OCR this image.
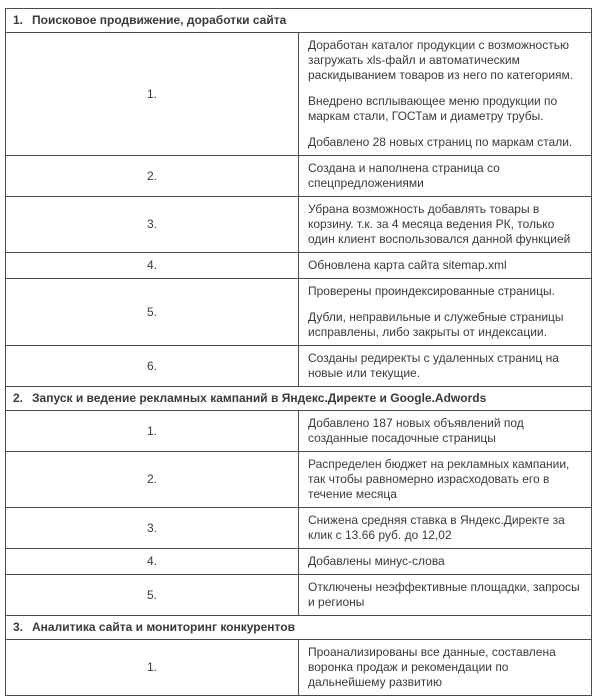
1. Поисковое продвижение, доработки сайта	
1.	Доработан каталог продукции с возможностью загружать xls-файл и автоматическим раскидыванием товаров из него по категориям.

Внедрено всплывающее меню продукции по маркам стали, ГОСТам и диаметру трубы.

Добавлено 28 новых страниц по маркам стали.

2.	Создана и наполнена страница со спецпредложениями

3.	Убрана возможность добавлять товары в корзину. т.к. за 4 месяца ведения РК, только один клиент воспользовался данной функцией

4.	Обновлена карта сайта sitemap.xml

5.	Проверены проиндексированные страницы.

Дубли, неправильные и служебные страницы исправлены, либо закрыты от индексации.

6.	Созданы редиректы с удаленных страниц на новые или текущие.

2. Запуск и ведение рекламных кампаний в Яндекс.Директе и Google.Adwords	
1.	Добавлено 187 новых объявлений под созданные посадочные страницы

2.	Распределен бюджет на рекламных кампании, так чтобы равномерно израсходовать его в течение месяца

3.	Снижена средняя ставка в Яндекс.Директе за клик с 13.66 руб. до 12,02

4.	Добавлены минус-слова

5.	Отключены неэффективные площадки, запросы и регионы

3. Аналитика сайта и мониторинг конкурентов	
1.	Проанализированы все данные, составлена воронка продаж и рекомендации по дальнейшему развитию
